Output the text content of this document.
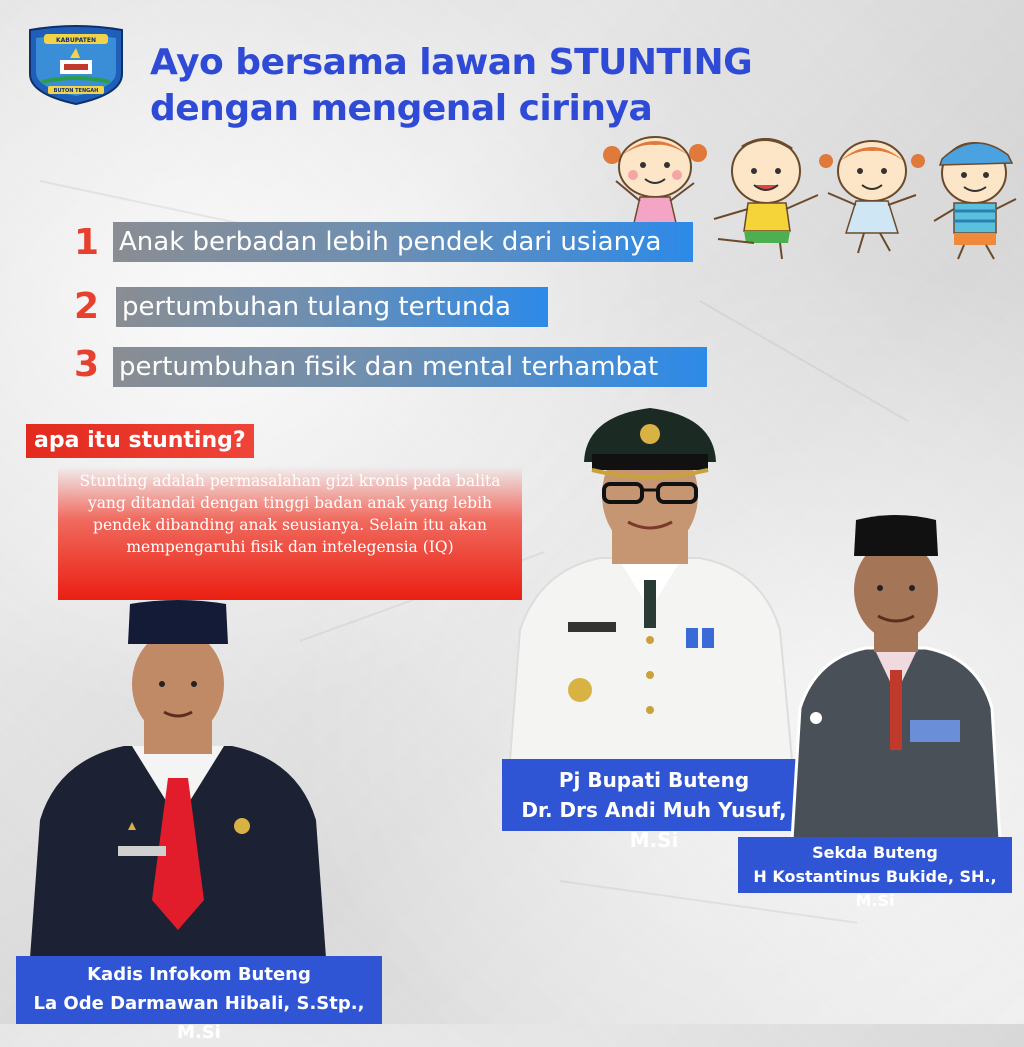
KABUPATEN
BUTON TENGAH
Ayo bersama lawan STUNTING
dengan mengenal cirinya
1 Anak berbadan lebih pendek dari usianya
2 pertumbuhan tulang tertunda
3 pertumbuhan fisik dan mental terhambat
apa itu stunting?
Stunting adalah permasalahan gizi kronis pada balita yang ditandai dengan tinggi badan anak yang lebih pendek dibanding anak seusianya. Selain itu akan mempengaruhi fisik dan intelegensia (IQ)
Pj Bupati Buteng
Dr. Drs Andi Muh Yusuf, M.Si
Sekda Buteng
H Kostantinus Bukide, SH., M.Si
Kadis Infokom Buteng
La Ode Darmawan Hibali, S.Stp., M.Si
